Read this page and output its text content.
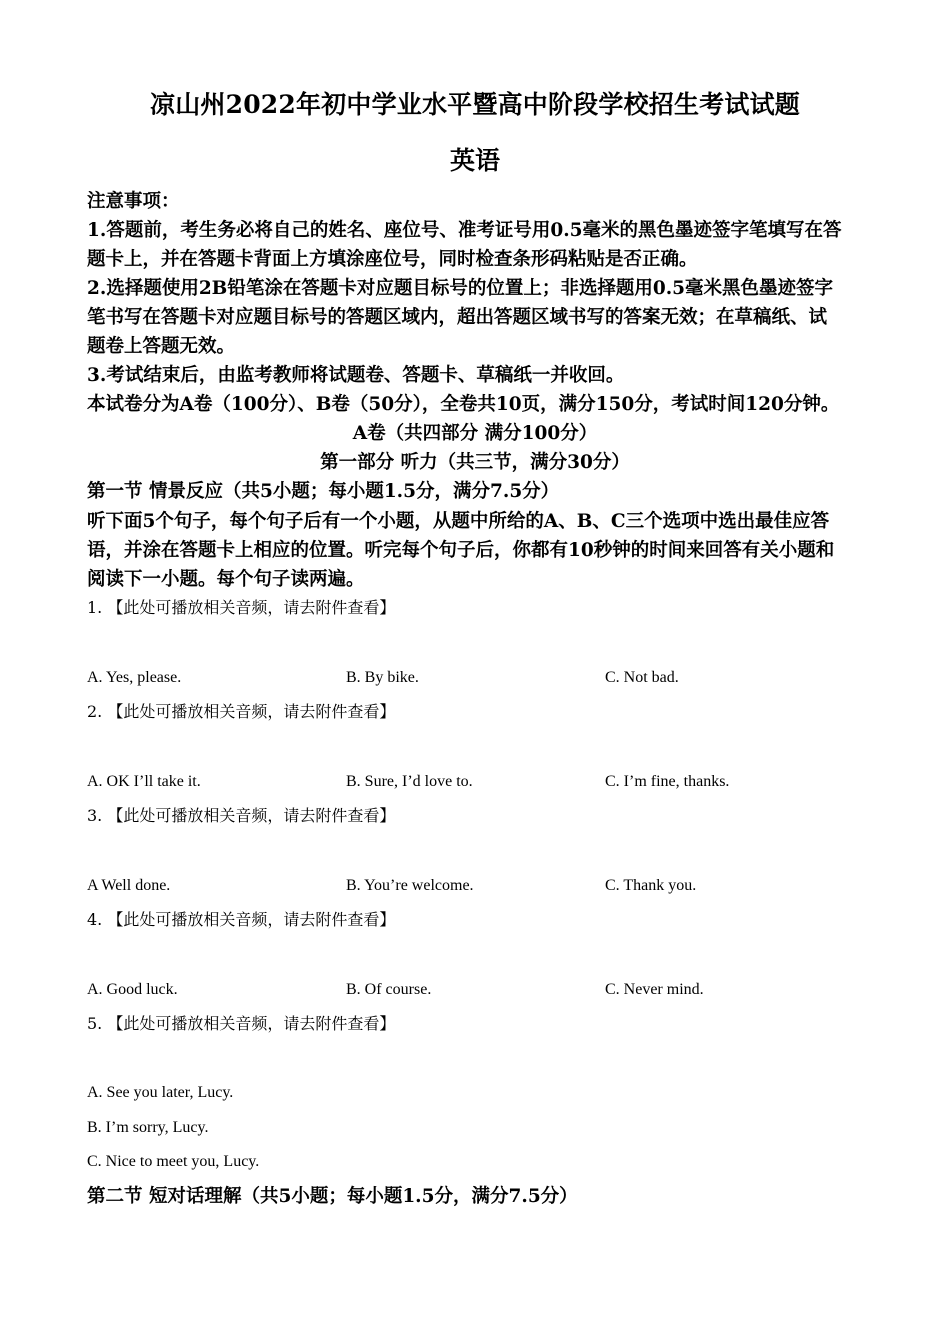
凉山州2022年初中学业水平暨高中阶段学校招生考试试题
英语
注意事项：
1.答题前，考生务必将自己的姓名、座位号、准考证号用0.5毫米的黑色墨迹签字笔填写在答
题卡上，并在答题卡背面上方填涂座位号，同时检查条形码粘贴是否正确。
2.选择题使用2B铅笔涂在答题卡对应题目标号的位置上；非选择题用0.5毫米黑色墨迹签字
笔书写在答题卡对应题目标号的答题区域内，超出答题区域书写的答案无效；在草稿纸、试
题卷上答题无效。
3.考试结束后，由监考教师将试题卷、答题卡、草稿纸一并收回。
本试卷分为A卷（100分）、B卷（50分），全卷共10页，满分150分，考试时间120分钟。
A卷（共四部分 满分100分）
第一部分 听力（共三节，满分30分）
第一节 情景反应（共5小题；每小题1.5分，满分7.5分）
听下面5个句子，每个句子后有一个小题，从题中所给的A、B、C三个选项中选出最佳应答
语，并涂在答题卡上相应的位置。听完每个句子后，你都有10秒钟的时间来回答有关小题和
阅读下一小题。每个句子读两遍。
1. 【此处可播放相关音频，请去附件查看】
A. Yes, please.	B. By bike.	C. Not bad.
2. 【此处可播放相关音频，请去附件查看】
A. OK I’ll take it.	B. Sure, I’d love to.	C. I’m fine, thanks.
3. 【此处可播放相关音频，请去附件查看】
A Well done.	B. You’re welcome.	C. Thank you.
4. 【此处可播放相关音频，请去附件查看】
A. Good luck.	B. Of course.	C. Never mind.
5. 【此处可播放相关音频，请去附件查看】
A. See you later, Lucy.
B. I’m sorry, Lucy.
C. Nice to meet you, Lucy.
第二节 短对话理解（共5小题；每小题1.5分，满分7.5分）
